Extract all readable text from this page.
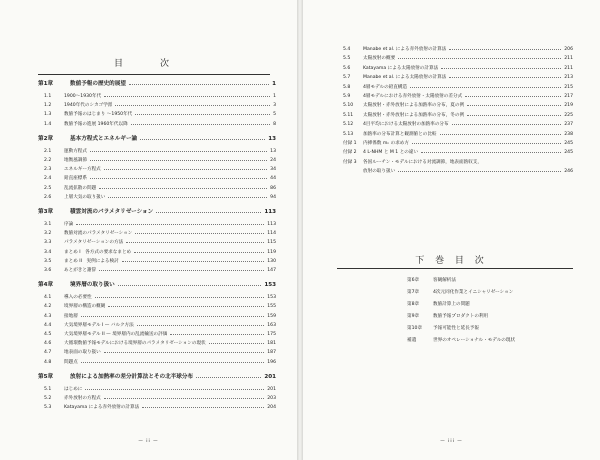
目　次
第1章	数値予報の歴史的展望	1
1.1	1900〜1930年代	1
1.2	1940年代のシカゴ学派	3
1.3	数値予報のはじまり 〜1950年代	5
1.4	数値予報の進展 1960年代以降	8
第2章	基本方程式とエネルギー論	13
2.1	運動方程式	13
2.2	地衡風調節	24
2.3	エネルギー方程式	34
2.4	鉛直座標系	44
2.5	乱流拡散の問題	86
2.6	上層大気の取り扱い	94
第3章	積雲対流のパラメタリゼーション	113
3.1	序論	113
3.2	数値対流のパラメタリゼーション	114
3.3	パラメタリゼーションの方法	115
3.4	まとめ I　各方式の要求なまとめ	119
3.5	まとめ II　実例による検討	130
3.6	あとがきと謝辞	147
第4章	境界層の取り扱い	153
4.1	導入の必要性	153
4.2	境界層の構造の概観	155
4.3	接地層	159
4.4	大気境界層モデル I — バルク方法	163
4.5	大気境界層モデル II — 境界層内の乱流輸送の評価	175
4.6	大循環数値予報モデルにおける境界層のパラメタリゼーションの現状	181
4.7	地表面の取り扱い	187
4.8	問題点	196
第5章	放射による加熱率の差分計算法とその北半球分布	201
5.1	はじめに	201
5.2	赤外放射の方程式	203
5.3	Katayama による赤外放射の計算法	204
— ii —
5.4	Manabe et al. による赤外放射の計算法	206
5.5	太陽放射の概要	211
5.6	Katayama による太陽放射の計算法	211
5.7	Manabe et al. による太陽放射の計算法	213
5.8	4層モデルの鉛直構造	215
5.9	4層モデルにおける赤外放射・太陽放射の差分式	217
5.10	太陽放射・赤外放射による加熱率の分布，夏の例	219
5.11	太陽放射・赤外放射による加熱率の分布，冬の例	225
5.12	4目平均における太陽放射の加熱率の分布	237
5.13	加熱率の分布計算と観測値との比較	238
付録 1	内挿係数 mₙ の求め方	245
付録 2	4 L-NHM と M 1 との違い	245
付録 3	各国ルーチン・モデルにおける対流調節，地表面熱収支，
放射の取り扱い	246
下 巻 目 次
第6章	客観解析法
第7章	4次元同化作業とイニシャリゼーション
第8章	数値計算上の問題
第9章	数値予報プロダクトの利用
第10章	予報可能性と延長予報
補遺	世界のオペレーショナル・モデルの現状
— iii —
